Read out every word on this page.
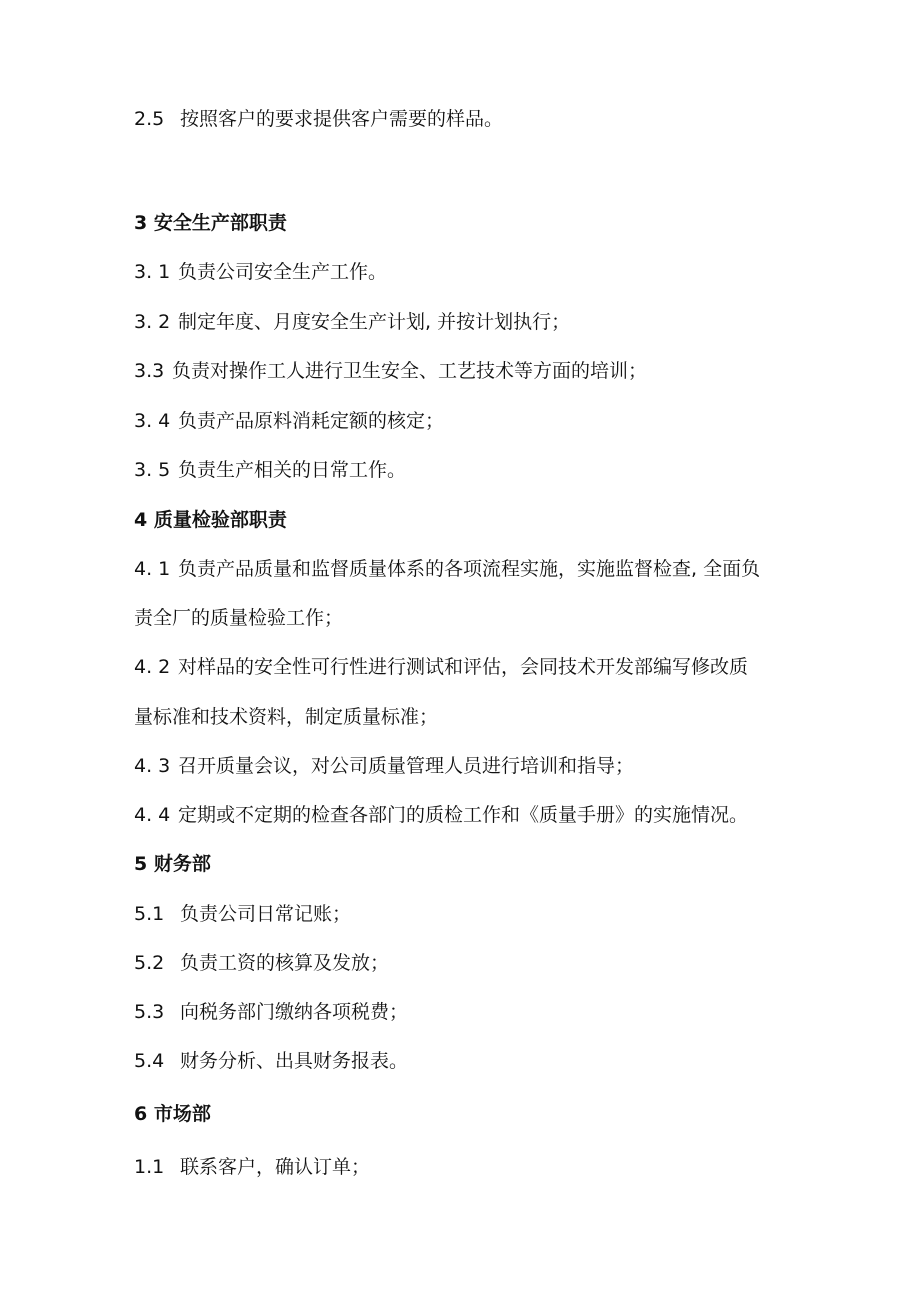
2.5 按照客户的要求提供客户需要的样品。
3 安全生产部职责
3. 1 负责公司安全生产工作。
3. 2 制定年度、月度安全生产计划, 并按计划执行；
3.3 负责对操作工人进行卫生安全、工艺技术等方面的培训；
3. 4 负责产品原料消耗定额的核定；
3. 5 负责生产相关的日常工作。
4 质量检验部职责
4. 1 负责产品质量和监督质量体系的各项流程实施，实施监督检查, 全面负
责全厂的质量检验工作；
4. 2 对样品的安全性可行性进行测试和评估，会同技术开发部编写修改质
量标准和技术资料，制定质量标准；
4. 3 召开质量会议，对公司质量管理人员进行培训和指导；
4. 4 定期或不定期的检查各部门的质检工作和《质量手册》的实施情况。
5 财务部
5.1 负责公司日常记账；
5.2 负责工资的核算及发放；
5.3 向税务部门缴纳各项税费；
5.4 财务分析、出具财务报表。
6 市场部
1.1 联系客户，确认订单；
